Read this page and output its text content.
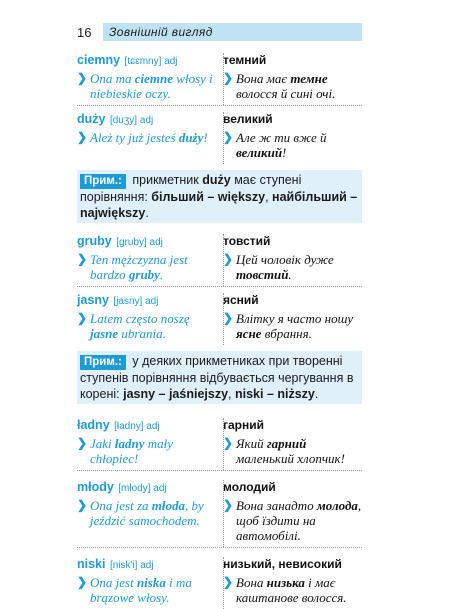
16	Зовнішній вигляд
ciemny [tɕɛmny] adj	темний
❯ Ona ma ciemne włosy i niebieskie oczy.
❯ Вона має темне волосся й сині очі.
duży [duʒy] adj	великий
❯ Ależ ty już jesteś duży! ❯ Але ж ти вже й великий!
Прим.: прикметник duży має ступені порівняння: більший – większy, найбільший – największy.
gruby [gruby] adj	товстий
❯ Ten mężczyzna jest bardzo gruby.
❯ Цей чоловік дуже товстий.
jasny [jasny] adj	ясний
❯ Latem często noszę jasne ubrania.
❯ Влітку я часто ношу ясне вбрання.
Прим.: у деяких прикметниках при творенні ступенів порівняння відбувається чергування в корені: jasny – jaśniejszy, niski – niższy.
ładny [ładny] adj	гарний
❯ Jaki ładny mały chłopiec!
❯ Який гарний маленький хлопчик!
młody [młody] adj	молодий
❯ Ona jest za młoda, by jeździć samochodem.
❯ Вона занадто молода, щоб їздити на автомобілі.
niski [nisk'i] adj	низький, невисокий
❯ Ona jest niska i ma brązowe włosy.
❯ Вона низька і має каштанове волосся.
